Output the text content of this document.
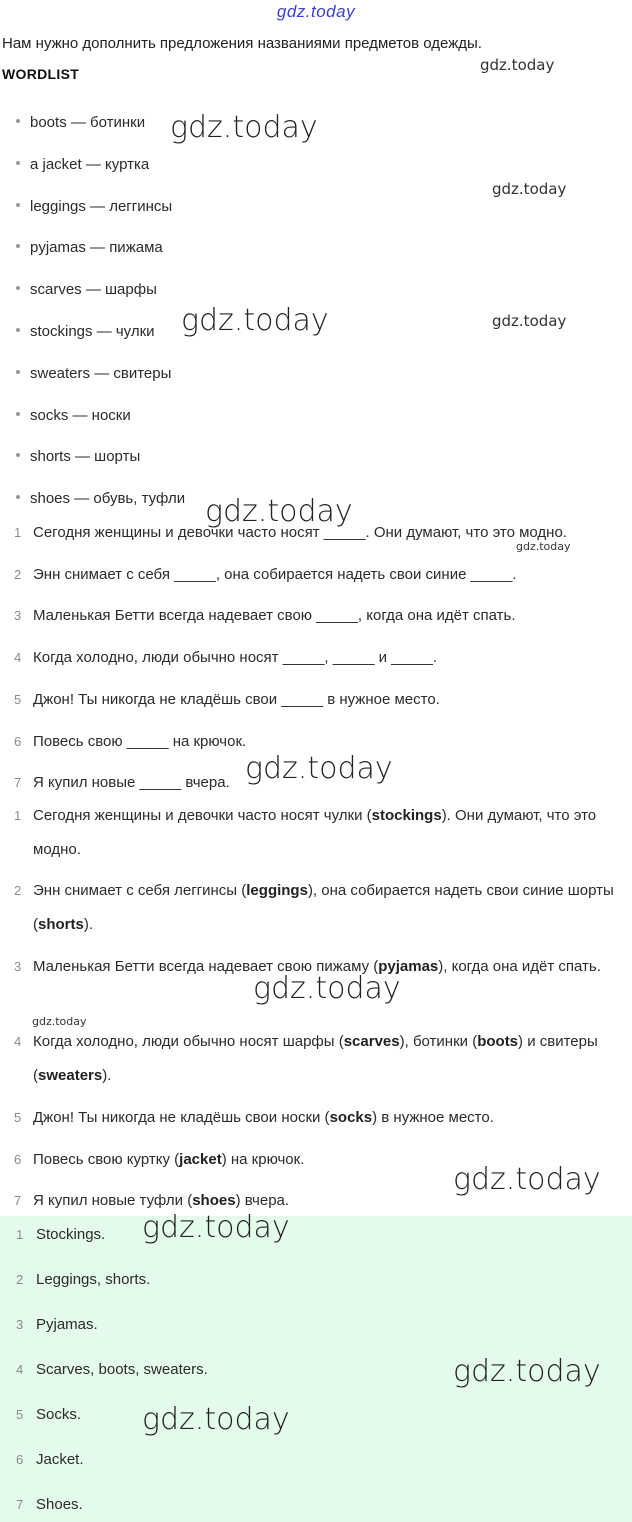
gdz.today
Нам нужно дополнить предложения названиями предметов одежды.
WORDLIST
boots — ботинки
a jacket — куртка
leggings — леггинсы
pyjamas — пижама
scarves — шарфы
stockings — чулки
sweaters — свитеры
socks — носки
shorts — шорты
shoes — обувь, туфли
1 Сегодня женщины и девочки часто носят _____. Они думают, что это модно.
2 Энн снимает с себя _____, она собирается надеть свои синие _____.
3 Маленькая Бетти всегда надевает свою _____, когда она идёт спать.
4 Когда холодно, люди обычно носят _____, _____ и _____.
5 Джон! Ты никогда не кладёшь свои _____ в нужное место.
6 Повесь свою _____ на крючок.
7 Я купил новые _____ вчера.
1 Сегодня женщины и девочки часто носят чулки (stockings). Они думают, что это модно.
2 Энн снимает с себя леггинсы (leggings), она собирается надеть свои синие шорты (shorts).
3 Маленькая Бетти всегда надевает свою пижаму (pyjamas), когда она идёт спать.
4 Когда холодно, люди обычно носят шарфы (scarves), ботинки (boots) и свитеры (sweaters).
5 Джон! Ты никогда не кладёшь свои носки (socks) в нужное место.
6 Повесь свою куртку (jacket) на крючок.
7 Я купил новые туфли (shoes) вчера.
1 Stockings.
2 Leggings, shorts.
3 Pyjamas.
4 Scarves, boots, sweaters.
5 Socks.
6 Jacket.
7 Shoes.
gdz.today
gdz.today
gdz.today
gdz.today	gdz.today
gdz.today
gdz.today
gdz.today
gdz.today
gdz.today
gdz.today
gdz.today
gdz.today
gdz.today
